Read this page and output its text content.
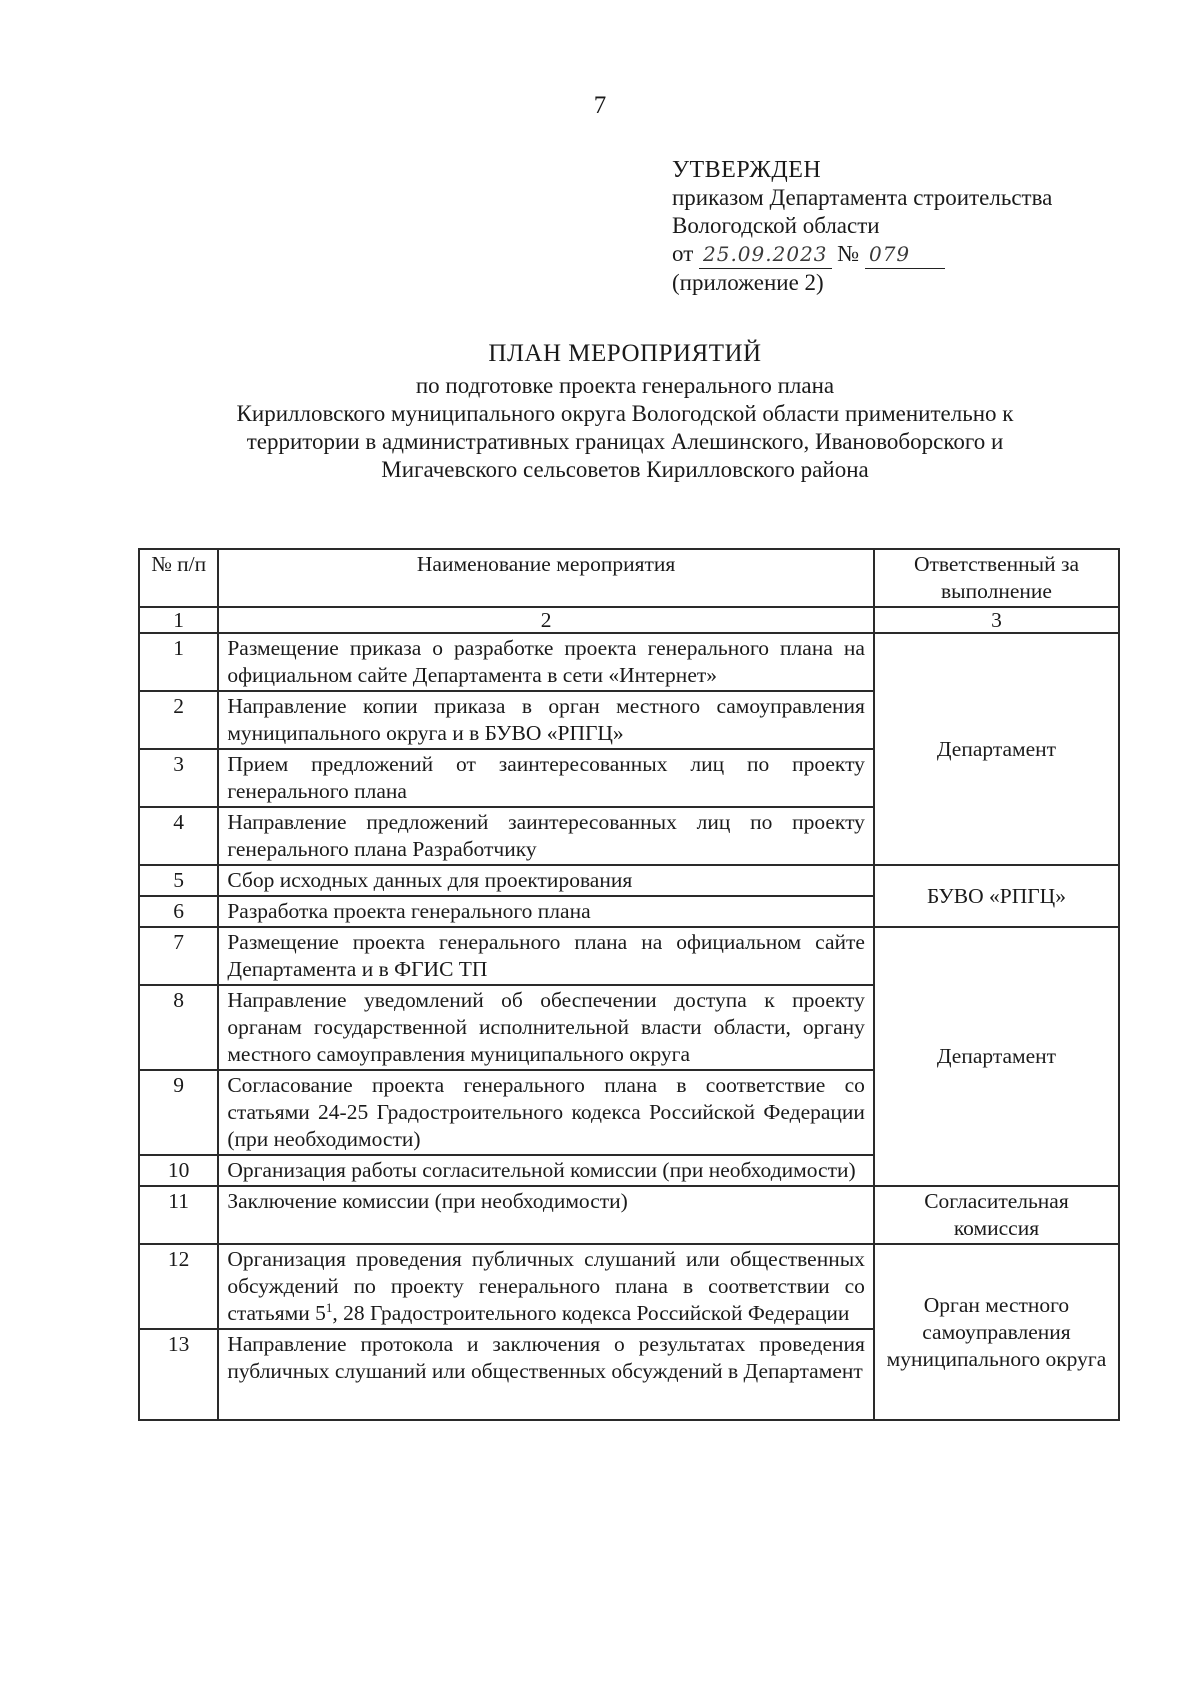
7
УТВЕРЖДЕН
приказом Департамента строительства
Вологодской области
от 25.09.2023 № 079
(приложение 2)
ПЛАН МЕРОПРИЯТИЙ
по подготовке проекта генерального плана
Кирилловского муниципального округа Вологодской области применительно к
территории в административных границах Алешинского, Ивановоборского и
Мигачевского сельсоветов Кирилловского района
№ п/п	Наименование мероприятия	Ответственный за выполнение
1	2	3
1	Размещение приказа о разработке проекта генерального плана на официальном сайте Департамента в сети «Интернет»	Департамент
2	Направление копии приказа в орган местного самоуправления муниципального округа и в БУВО «РПГЦ»	
3	Прием предложений от заинтересованных лиц по проекту генерального плана	
4	Направление предложений заинтересованных лиц по проекту генерального плана Разработчику	
5	Сбор исходных данных для проектирования	БУВО «РПГЦ»
6	Разработка проекта генерального плана	
7	Размещение проекта генерального плана на официальном сайте Департамента и в ФГИС ТП	Департамент
8	Направление уведомлений об обеспечении доступа к проекту органам государственной исполнительной власти области, органу местного самоуправления муниципального округа	
9	Согласование проекта генерального плана в соответствие со статьями 24-25 Градостроительного кодекса Российской Федерации (при необходимости)	
10	Организация работы согласительной комиссии (при необходимости)	
11	Заключение комиссии (при необходимости)	Согласительная комиссия
12	Организация проведения публичных слушаний или общественных обсуждений по проекту генерального плана в соответствии со статьями $5^1$, 28 Градостроительного кодекса Российской Федерации	Орган местного самоуправления муниципального округа
13	Направление протокола и заключения о результатах проведения публичных слушаний или общественных обсуждений в Департамент	
